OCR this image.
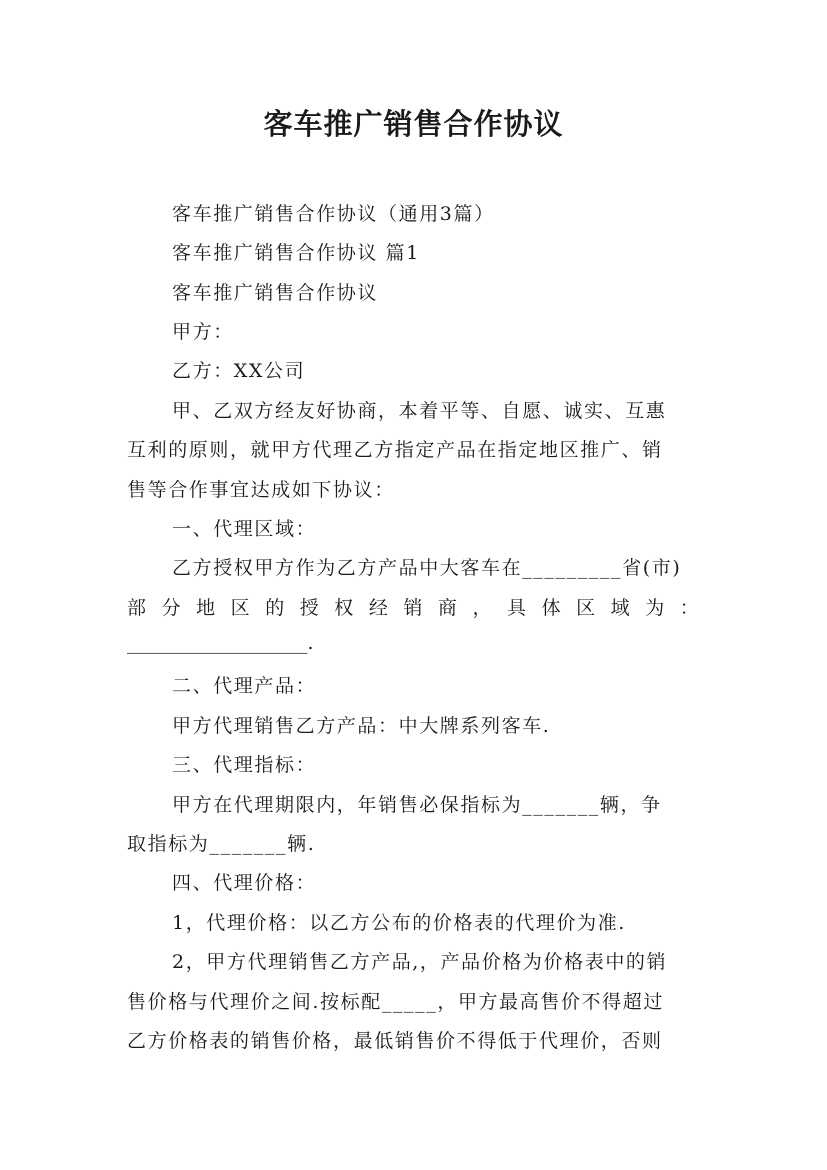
客车推广销售合作协议
客车推广销售合作协议（通用3篇）
客车推广销售合作协议 篇1
客车推广销售合作协议
甲方：
乙方：XX公司
甲、乙双方经友好协商，本着平等、自愿、诚实、互惠
互利的原则，就甲方代理乙方指定产品在指定地区推广、销
售等合作事宜达成如下协议：
一、代理区域：
乙方授权甲方作为乙方产品中大客车在_________省(市)
部 分 地 区 的 授 权 经 销 商 ， 具 体 区 域 为 ：
___________________.
二、代理产品：
甲方代理销售乙方产品：中大牌系列客车.
三、代理指标：
甲方在代理期限内，年销售必保指标为_______辆，争
取指标为_______辆.
四、代理价格：
1，代理价格：以乙方公布的价格表的代理价为准.
2，甲方代理销售乙方产品,，产品价格为价格表中的销
售价格与代理价之间.按标配_____，甲方最高售价不得超过
乙方价格表的销售价格，最低销售价不得低于代理价，否则
